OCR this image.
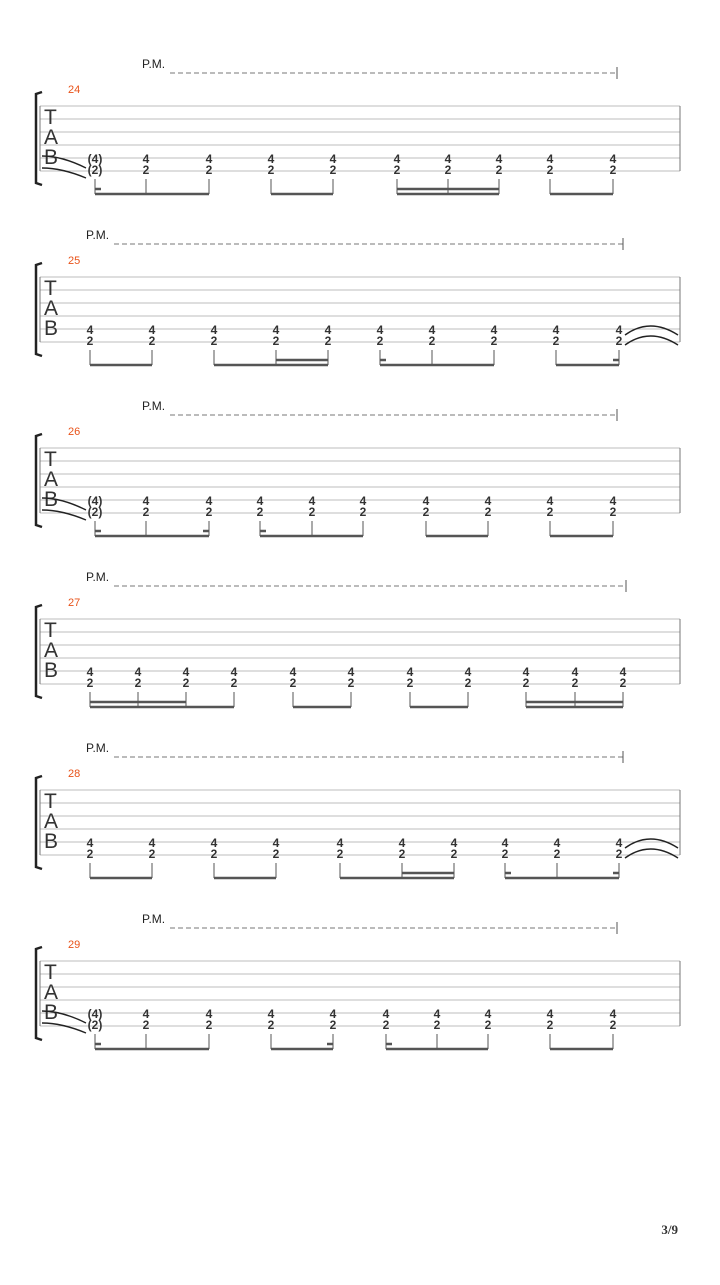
P.M.
24
T
A
B (4)
(2)
4
2
4
2
4
2
4
2
4
2
4
2
4
2
4
2
4
2
P.M.
25
T
A
B 4
2
4
2
4
2
4
2
4
2
4
2
4
2
4
2
4
2
4
2
P.M.
26
T
A
B (4)
(2)
4
2
4
2
4
2
4
2
4
2
4
2
4
2
4
2
4
2
P.M.
27
T
A
B 4
2
4
2
4
2
4
2
4
2
4
2
4
2
4
2
4
2
4
2
4
2
P.M.
28
T
A
B 4
2
4
2
4
2
4
2
4
2
4
2
4
2
4
2
4
2
4
2
P.M.
29
T
A
B (4)
(2)
4
2
4
2
4
2
4
2
4
2
4
2
4
2
4
2
4
2
3/9
